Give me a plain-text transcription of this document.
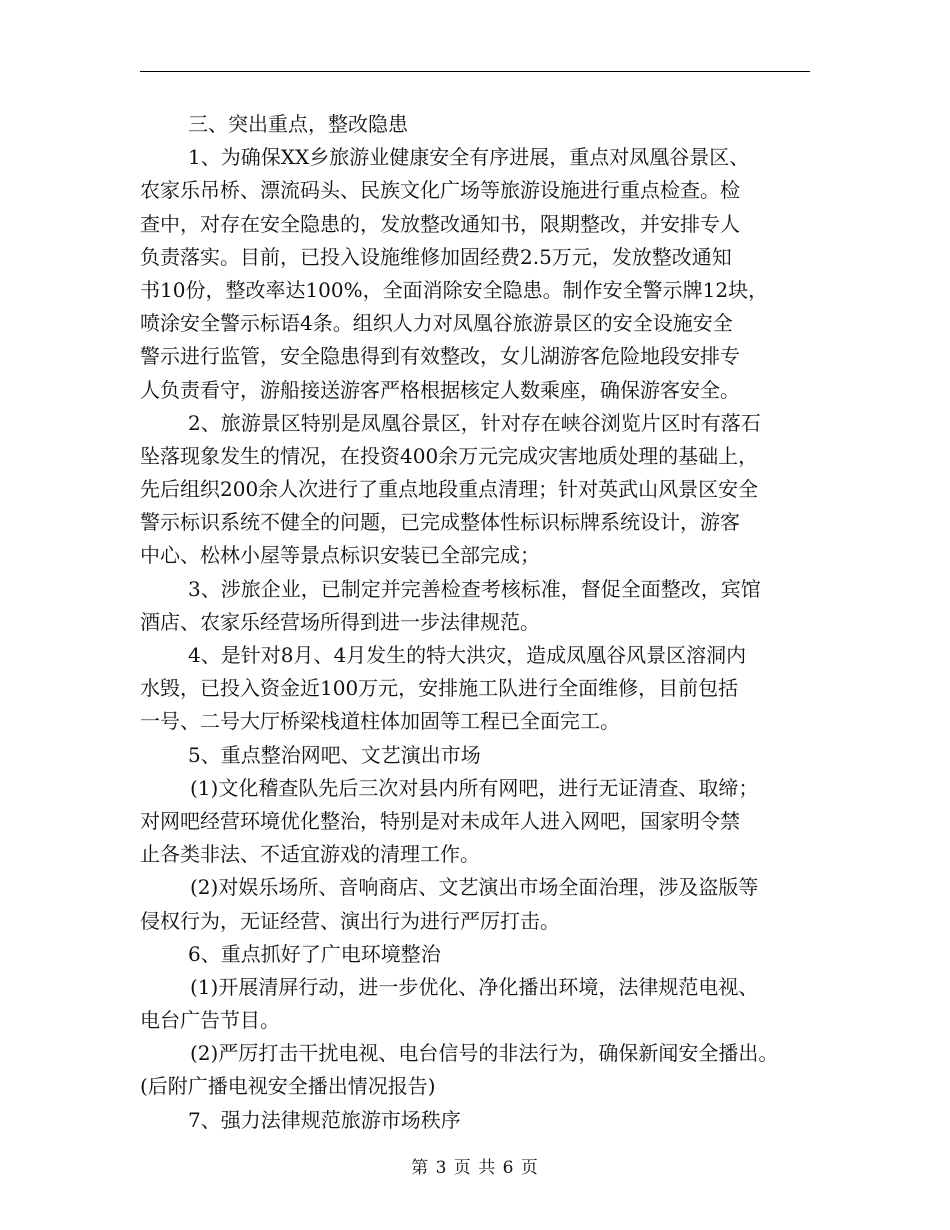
三、突出重点，整改隐患
1、为确保XX乡旅游业健康安全有序进展，重点对凤凰谷景区、
农家乐吊桥、漂流码头、民族文化广场等旅游设施进行重点检查。检
查中，对存在安全隐患的，发放整改通知书，限期整改，并安排专人
负责落实。目前，已投入设施维修加固经费2.5万元，发放整改通知
书10份，整改率达100%，全面消除安全隐患。制作安全警示牌12块，
喷涂安全警示标语4条。组织人力对凤凰谷旅游景区的安全设施安全
警示进行监管，安全隐患得到有效整改，女儿湖游客危险地段安排专
人负责看守，游船接送游客严格根据核定人数乘座，确保游客安全。
2、旅游景区特别是凤凰谷景区，针对存在峡谷浏览片区时有落石
坠落现象发生的情况，在投资400余万元完成灾害地质处理的基础上，
先后组织200余人次进行了重点地段重点清理；针对英武山风景区安全
警示标识系统不健全的问题，已完成整体性标识标牌系统设计，游客
中心、松林小屋等景点标识安装已全部完成；
3、涉旅企业，已制定并完善检查考核标准，督促全面整改，宾馆
酒店、农家乐经营场所得到进一步法律规范。
4、是针对8月、4月发生的特大洪灾，造成凤凰谷风景区溶洞内
水毁，已投入资金近100万元，安排施工队进行全面维修，目前包括
一号、二号大厅桥梁栈道柱体加固等工程已全面完工。
5、重点整治网吧、文艺演出市场
(1)文化稽查队先后三次对县内所有网吧，进行无证清查、取缔；
对网吧经营环境优化整治，特别是对未成年人进入网吧，国家明令禁
止各类非法、不适宜游戏的清理工作。
(2)对娱乐场所、音响商店、文艺演出市场全面治理，涉及盗版等
侵权行为，无证经营、演出行为进行严厉打击。
6、重点抓好了广电环境整治
(1)开展清屏行动，进一步优化、净化播出环境，法律规范电视、
电台广告节目。
(2)严厉打击干扰电视、电台信号的非法行为，确保新闻安全播出。
(后附广播电视安全播出情况报告)
7、强力法律规范旅游市场秩序
第 3 页 共 6 页
